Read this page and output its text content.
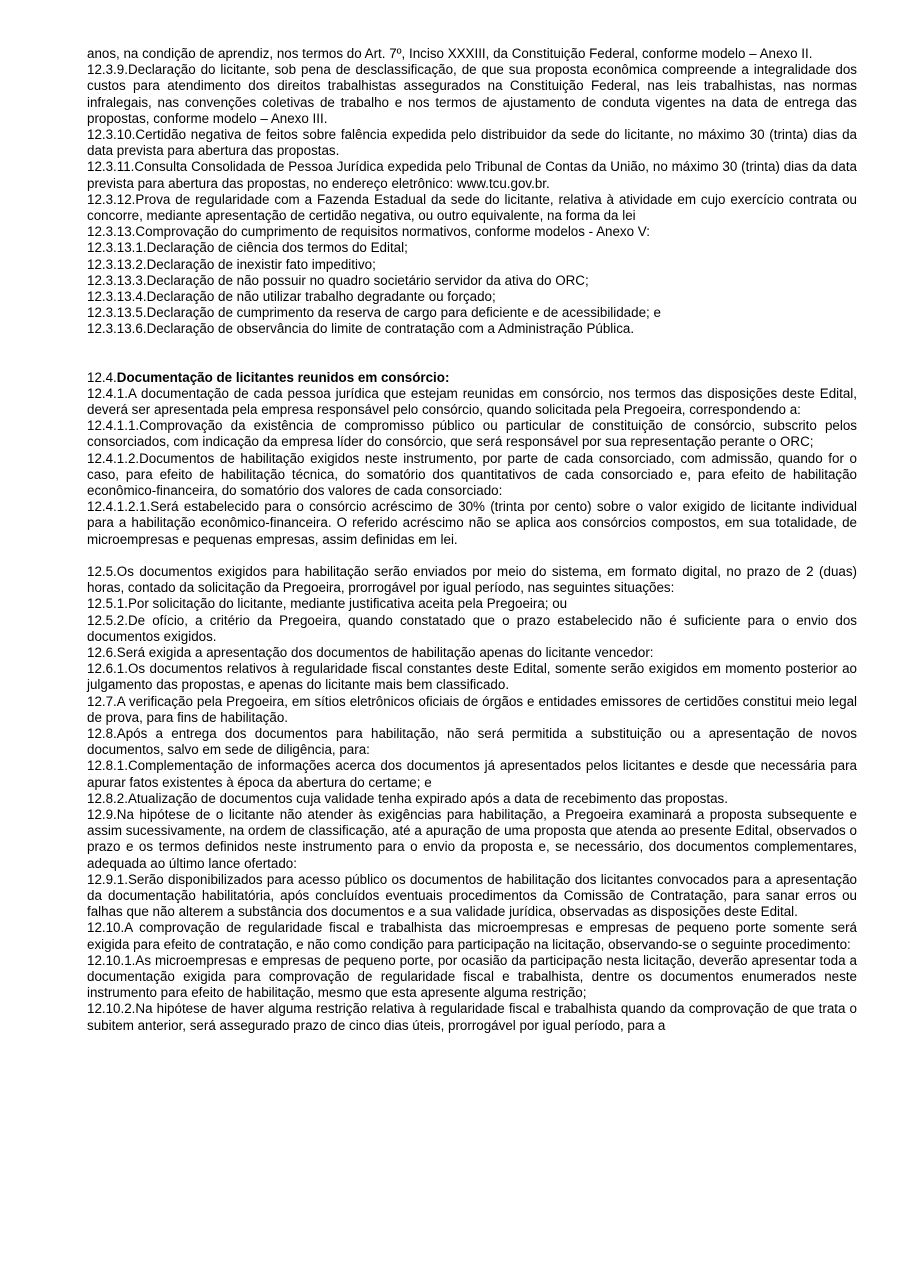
anos, na condição de aprendiz, nos termos do Art. 7º, Inciso XXXIII, da Constituição Federal, conforme modelo – Anexo II.

12.3.9.Declaração do licitante, sob pena de desclassificação, de que sua proposta econômica compreende a integralidade dos custos para atendimento dos direitos trabalhistas assegurados na Constituição Federal, nas leis trabalhistas, nas normas infralegais, nas convenções coletivas de trabalho e nos termos de ajustamento de conduta vigentes na data de entrega das propostas, conforme modelo – Anexo III.

12.3.10.Certidão negativa de feitos sobre falência expedida pelo distribuidor da sede do licitante, no máximo 30 (trinta) dias da data prevista para abertura das propostas.

12.3.11.Consulta Consolidada de Pessoa Jurídica expedida pelo Tribunal de Contas da União, no máximo 30 (trinta) dias da data prevista para abertura das propostas, no endereço eletrônico: www.tcu.gov.br.

12.3.12.Prova de regularidade com a Fazenda Estadual da sede do licitante, relativa à atividade em cujo exercício contrata ou concorre, mediante apresentação de certidão negativa, ou outro equivalente, na forma da lei

12.3.13.Comprovação do cumprimento de requisitos normativos, conforme modelos - Anexo V:

12.3.13.1.Declaração de ciência dos termos do Edital;

12.3.13.2.Declaração de inexistir fato impeditivo;

12.3.13.3.Declaração de não possuir no quadro societário servidor da ativa do ORC;

12.3.13.4.Declaração de não utilizar trabalho degradante ou forçado;

12.3.13.5.Declaração de cumprimento da reserva de cargo para deficiente e de acessibilidade; e

12.3.13.6.Declaração de observância do limite de contratação com a Administração Pública.

12.4.Documentação de licitantes reunidos em consórcio:

12.4.1.A documentação de cada pessoa jurídica que estejam reunidas em consórcio, nos termos das disposições deste Edital, deverá ser apresentada pela empresa responsável pelo consórcio, quando solicitada pela Pregoeira, correspondendo a:

12.4.1.1.Comprovação da existência de compromisso público ou particular de constituição de consórcio, subscrito pelos consorciados, com indicação da empresa líder do consórcio, que será responsável por sua representação perante o ORC;

12.4.1.2.Documentos de habilitação exigidos neste instrumento, por parte de cada consorciado, com admissão, quando for o caso, para efeito de habilitação técnica, do somatório dos quantitativos de cada consorciado e, para efeito de habilitação econômico-financeira, do somatório dos valores de cada consorciado:

12.4.1.2.1.Será estabelecido para o consórcio acréscimo de 30% (trinta por cento) sobre o valor exigido de licitante individual para a habilitação econômico-financeira. O referido acréscimo não se aplica aos consórcios compostos, em sua totalidade, de microempresas e pequenas empresas, assim definidas em lei.

12.5.Os documentos exigidos para habilitação serão enviados por meio do sistema, em formato digital, no prazo de 2 (duas) horas, contado da solicitação da Pregoeira, prorrogável por igual período, nas seguintes situações:

12.5.1.Por solicitação do licitante, mediante justificativa aceita pela Pregoeira; ou

12.5.2.De ofício, a critério da Pregoeira, quando constatado que o prazo estabelecido não é suficiente para o envio dos documentos exigidos.

12.6.Será exigida a apresentação dos documentos de habilitação apenas do licitante vencedor:

12.6.1.Os documentos relativos à regularidade fiscal constantes deste Edital, somente serão exigidos em momento posterior ao julgamento das propostas, e apenas do licitante mais bem classificado.

12.7.A verificação pela Pregoeira, em sítios eletrônicos oficiais de órgãos e entidades emissores de certidões constitui meio legal de prova, para fins de habilitação.

12.8.Após a entrega dos documentos para habilitação, não será permitida a substituição ou a apresentação de novos documentos, salvo em sede de diligência, para:

12.8.1.Complementação de informações acerca dos documentos já apresentados pelos licitantes e desde que necessária para apurar fatos existentes à época da abertura do certame; e

12.8.2.Atualização de documentos cuja validade tenha expirado após a data de recebimento das propostas.

12.9.Na hipótese de o licitante não atender às exigências para habilitação, a Pregoeira examinará a proposta subsequente e assim sucessivamente, na ordem de classificação, até a apuração de uma proposta que atenda ao presente Edital, observados o prazo e os termos definidos neste instrumento para o envio da proposta e, se necessário, dos documentos complementares, adequada ao último lance ofertado:

12.9.1.Serão disponibilizados para acesso público os documentos de habilitação dos licitantes convocados para a apresentação da documentação habilitatória, após concluídos eventuais procedimentos da Comissão de Contratação, para sanar erros ou falhas que não alterem a substância dos documentos e a sua validade jurídica, observadas as disposições deste Edital.

12.10.A comprovação de regularidade fiscal e trabalhista das microempresas e empresas de pequeno porte somente será exigida para efeito de contratação, e não como condição para participação na licitação, observando-se o seguinte procedimento:

12.10.1.As microempresas e empresas de pequeno porte, por ocasião da participação nesta licitação, deverão apresentar toda a documentação exigida para comprovação de regularidade fiscal e trabalhista, dentre os documentos enumerados neste instrumento para efeito de habilitação, mesmo que esta apresente alguma restrição;

12.10.2.Na hipótese de haver alguma restrição relativa à regularidade fiscal e trabalhista quando da comprovação de que trata o subitem anterior, será assegurado prazo de cinco dias úteis, prorrogável por igual período, para a
